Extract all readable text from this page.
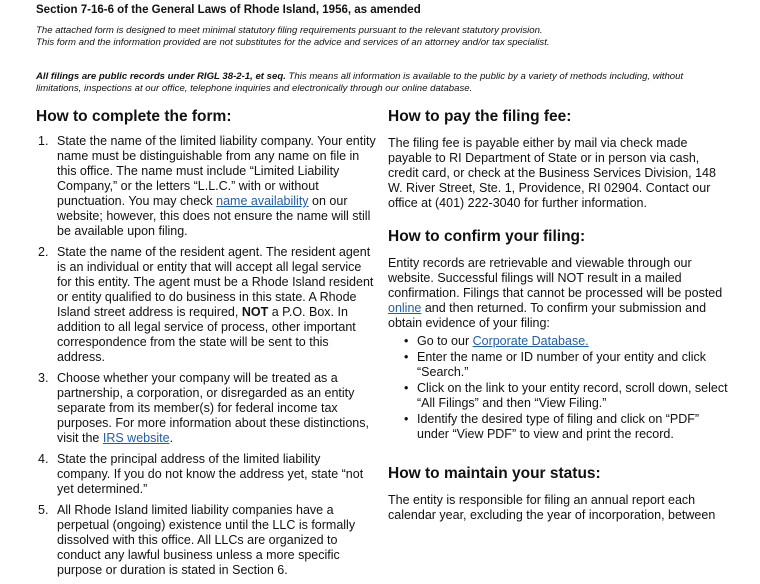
Section 7-16-6 of the General Laws of Rhode Island, 1956, as amended

The attached form is designed to meet minimal statutory filing requirements pursuant to the relevant statutory provision.
This form and the information provided are not substitutes for the advice and services of an attorney and/or tax specialist.

All filings are public records under RIGL 38-2-1, et seq. This means all information is available to the public by a variety of methods including, without limitations, inspections at our office, telephone inquiries and electronically through our online database.

How to complete the form:
1. State the name of the limited liability company. Your entity name must be distinguishable from any name on file in this office. The name must include “Limited Liability Company,” or the letters “L.L.C.” with or without punctuation. You may check name availability on our website; however, this does not ensure the name will still be available upon filing.
2. State the name of the resident agent. The resident agent is an individual or entity that will accept all legal service for this entity. The agent must be a Rhode Island resident or entity qualified to do business in this state. A Rhode Island street address is required, NOT a P.O. Box. In addition to all legal service of process, other important correspondence from the state will be sent to this address.
3. Choose whether your company will be treated as a partnership, a corporation, or disregarded as an entity separate from its member(s) for federal income tax purposes. For more information about these distinctions, visit the IRS website.
4. State the principal address of the limited liability company. If you do not know the address yet, state “not yet determined.”
5. All Rhode Island limited liability companies have a perpetual (ongoing) existence until the LLC is formally dissolved with this office. All LLCs are organized to conduct any lawful business unless a more specific purpose or duration is stated in Section 6.
How to pay the filing fee:

The filing fee is payable either by mail via check made payable to RI Department of State or in person via cash, credit card, or check at the Business Services Division, 148 W. River Street, Ste. 1, Providence, RI 02904. Contact our office at (401) 222-3040 for further information.

How to confirm your filing:

Entity records are retrievable and viewable through our website. Successful filings will NOT result in a mailed confirmation. Filings that cannot be processed will be posted online and then returned. To confirm your submission and obtain evidence of your filing:

• Go to our Corporate Database.
• Enter the name or ID number of your entity and click “Search.”
• Click on the link to your entity record, scroll down, select “All Filings” and then “View Filing.”
• Identify the desired type of filing and click on “PDF” under “View PDF” to view and print the record.
How to maintain your status:

The entity is responsible for filing an annual report each calendar year, excluding the year of incorporation, between
